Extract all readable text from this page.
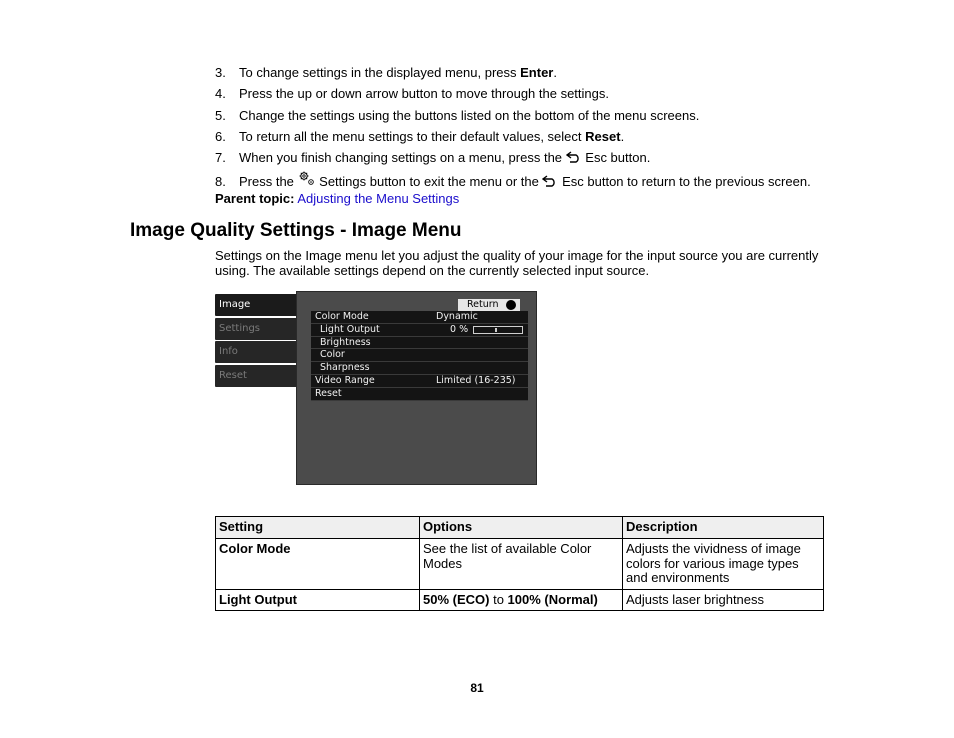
3.	To change settings in the displayed menu, press Enter.
4.	Press the up or down arrow button to move through the settings.
5.	Change the settings using the buttons listed on the bottom of the menu screens.
6.	To return all the menu settings to their default values, select Reset.
7.	When you finish changing settings on a menu, press the  Esc button.
8.	Press the  Settings button to exit the menu or the  Esc button to return to the previous screen.
Parent topic: Adjusting the Menu Settings
Image Quality Settings - Image Menu
Settings on the Image menu let you adjust the quality of your image for the input source you are currently using. The available settings depend on the currently selected input source.
Image
Settings
Info
Reset
Return
Color Mode	Dynamic
Light Output	0 %
Brightness
Color
Sharpness
Video Range	Limited (16-235)
Reset
Setting	Options	Description
Color Mode	See the list of available Color Modes	Adjusts the vividness of image colors for various image types and environments
Light Output	50% (ECO) to 100% (Normal)	Adjusts laser brightness
81
